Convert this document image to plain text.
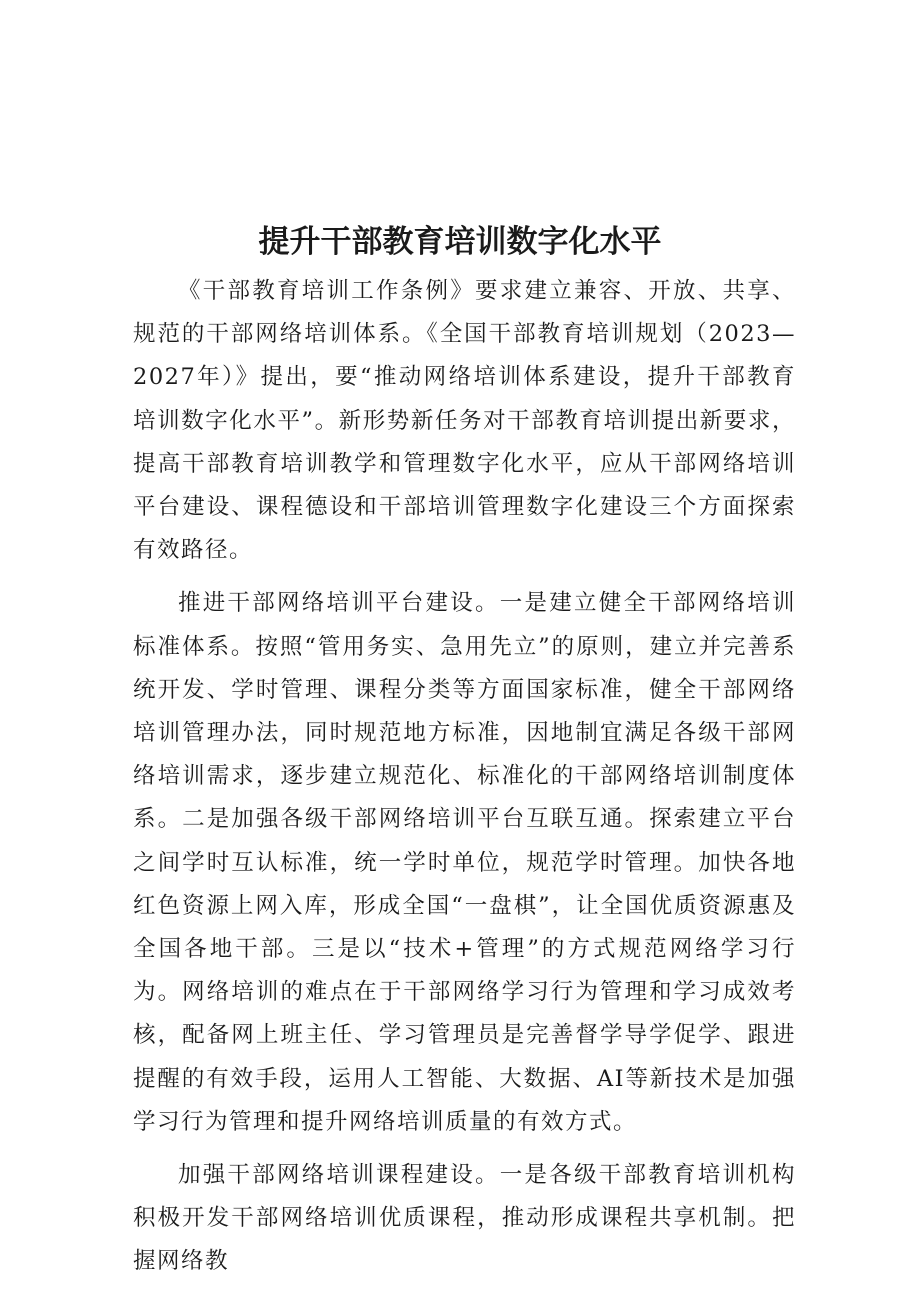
提升干部教育培训数字化水平

《干部教育培训工作条例》要求建立兼容、开放、共享、规范的干部网络培训体系。《全国干部教育培训规划（2023—2027年）》提出，要“推动网络培训体系建设，提升干部教育培训数字化水平”。新形势新任务对干部教育培训提出新要求，提高干部教育培训教学和管理数字化水平，应从干部网络培训平台建设、课程德设和干部培训管理数字化建设三个方面探索有效路径。

推进干部网络培训平台建设。一是建立健全干部网络培训标准体系。按照“管用务实、急用先立”的原则，建立并完善系统开发、学时管理、课程分类等方面国家标准，健全干部网络培训管理办法，同时规范地方标准，因地制宜满足各级干部网络培训需求，逐步建立规范化、标准化的干部网络培训制度体系。二是加强各级干部网络培训平台互联互通。探索建立平台之间学时互认标准，统一学时单位，规范学时管理。加快各地红色资源上网入库，形成全国“一盘棋”，让全国优质资源惠及全国各地干部。三是以“技术+管理”的方式规范网络学习行为。网络培训的难点在于干部网络学习行为管理和学习成效考核，配备网上班主任、学习管理员是完善督学导学促学、跟进提醒的有效手段，运用人工智能、大数据、AI等新技术是加强学习行为管理和提升网络培训质量的有效方式。

加强干部网络培训课程建设。一是各级干部教育培训机构积极开发干部网络培训优质课程，推动形成课程共享机制。把握网络教
